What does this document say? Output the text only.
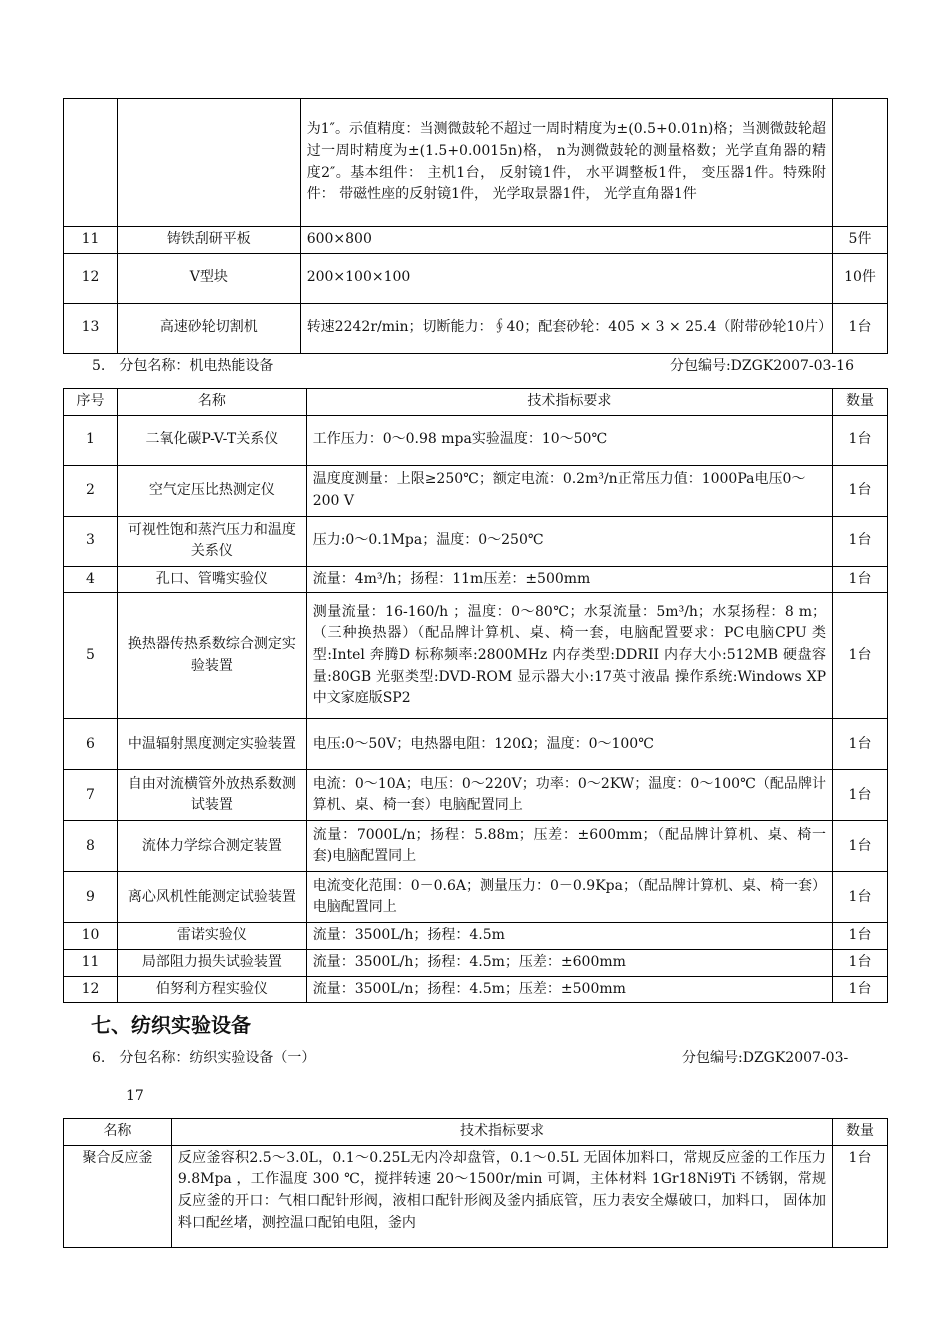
		为1″。示值精度：当测微鼓轮不超过一周时精度为±(0.5+0.01n)格；当测微鼓轮超过一周时精度为±(1.5+0.0015n)格， n为测微鼓轮的测量格数；光学直角器的精度2″。基本组件： 主机1台， 反射镜1件， 水平调整板1件， 变压器1件。特殊附件： 带磁性座的反射镜1件， 光学取景器1件， 光学直角器1件	
11	铸铁刮研平板	600×800	5件
12	V型块	200×100×100	10件
13	高速砂轮切割机	转速2242r/min；切断能力：∮40；配套砂轮：405 × 3 × 25.4（附带砂轮10片）	1台
5.　分包名称：机电热能设备	分包编号:DZGK2007-03-16
序号	名称	技术指标要求	数量
1	二氧化碳P-V-T关系仪	工作压力：0～0.98 mpa实验温度：10～50℃	1台
2	空气定压比热测定仪	温度度测量：上限≥250℃；额定电流：0.2m³/n正常压力值：1000Pa电压0～200 V	1台
3	可视性饱和蒸汽压力和温度关系仪	压力:0～0.1Mpa；温度：0～250℃	1台
4	孔口、管嘴实验仪	流量：4m³/h；扬程：11m压差：±500mm	1台
5	换热器传热系数综合测定实验装置	测量流量：16-160/h ；温度：0～80℃；水泵流量：5m³/h；水泵扬程：8 m；（三种换热器）（配品牌计算机、桌、椅一套，电脑配置要求：PC电脑CPU 类型:Intel 奔腾D 标称频率:2800MHz 内存类型:DDRII 内存大小:512MB 硬盘容量:80GB 光驱类型:DVD-ROM 显示器大小:17英寸液晶 操作系统:Windows XP 中文家庭版SP2	1台
6	中温辐射黑度测定实验装置	电压:0～50V；电热器电阻：120Ω；温度：0～100℃	1台
7	自由对流横管外放热系数测试装置	电流：0～10A；电压：0～220V；功率：0～2KW；温度：0～100℃（配品牌计算机、桌、椅一套）电脑配置同上	1台
8	流体力学综合测定装置	流量：7000L/n；扬程：5.88m；压差：±600mm；（配品牌计算机、桌、椅一套)电脑配置同上	1台
9	离心风机性能测定试验装置	电流变化范围：0－0.6A；测量压力：0－0.9Kpa；（配品牌计算机、桌、椅一套）电脑配置同上	1台
10	雷诺实验仪	流量：3500L/h；扬程：4.5m	1台
11	局部阻力损失试验装置	流量：3500L/h；扬程：4.5m；压差：±600mm	1台
12	伯努利方程实验仪	流量：3500L/n；扬程：4.5m；压差：±500mm	1台
七、纺织实验设备
6.　分包名称：纺织实验设备（一）	分包编号:DZGK2007-03-
17
名称	技术指标要求	数量
聚合反应釜	反应釜容积2.5～3.0L，0.1～0.25L无内冷却盘管，0.1～0.5L 无固体加料口，常规反应釜的工作压力 9.8Mpa ，工作温度 300 ℃，搅拌转速 20～1500r/min 可调，主体材料 1Gr18Ni9Ti 不锈钢，常规反应釜的开口：气相口配针形阀，液相口配针形阀及釜内插底管，压力表安全爆破口，加料口， 固体加料口配丝堵，测控温口配铂电阻，釜内	1台
